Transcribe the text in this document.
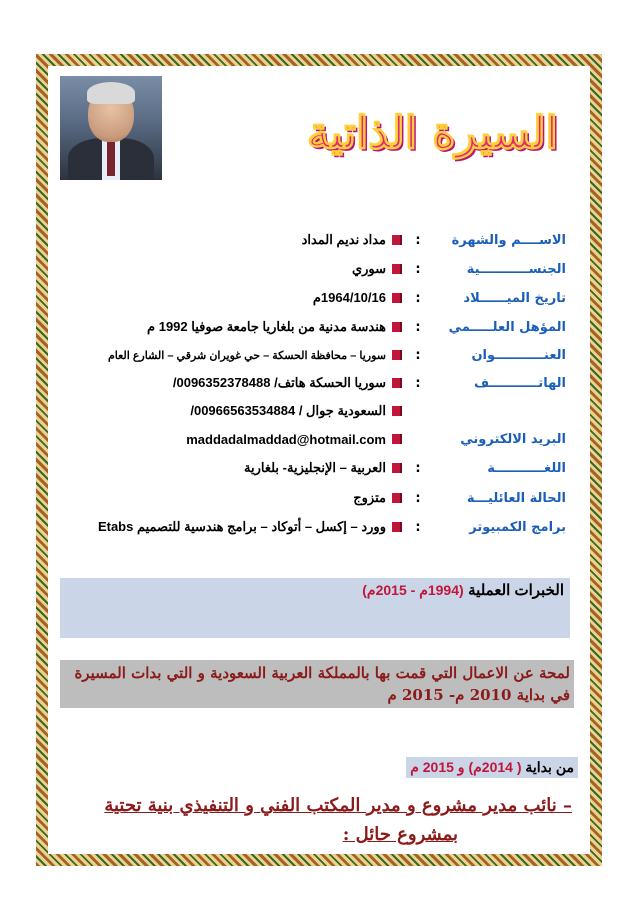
السيرة الذاتية
الاســــم والشهرة
:
مداد نديم المداد
الجنســـــــــــية
:
سوري
تاريخ الميــــــلاد
:
1964/10/16م
المؤهل العلـــــمي
:
هندسة مدنية من بلغاريا جامعة صوفيا 1992 م
العنـــــــــــوان
:
سوريا – محافظة الحسكة – حي غويران شرقي – الشارع العام
الهاتـــــــــــف
:
سوريا الحسكة هاتف/ 0096352378488/
السعودية جوال / 00966563534884/
البريد الالكتروني
maddadalmaddad@hotmail.com
اللغـــــــــــة
:
العربية – الإنجليزية- بلغارية
الحالة العائليـــة
:
متزوج
برامج الكمبيوتر
:
وورد – إكسل – أتوكاد – برامج هندسية للتصميم Etabs
الخبرات العملية (1994م - 2015م)
لمحة عن الاعمال التي قمت بها بالمملكة العربية السعودية و التي بدات المسيرة
في بداية 2010 م- 2015 م
من بداية ( 2014م) و 2015 م
– نائب مدير مشروع و مدير المكتب الفني و التنفيذي بنية تحتية
بمشروع حائل :
